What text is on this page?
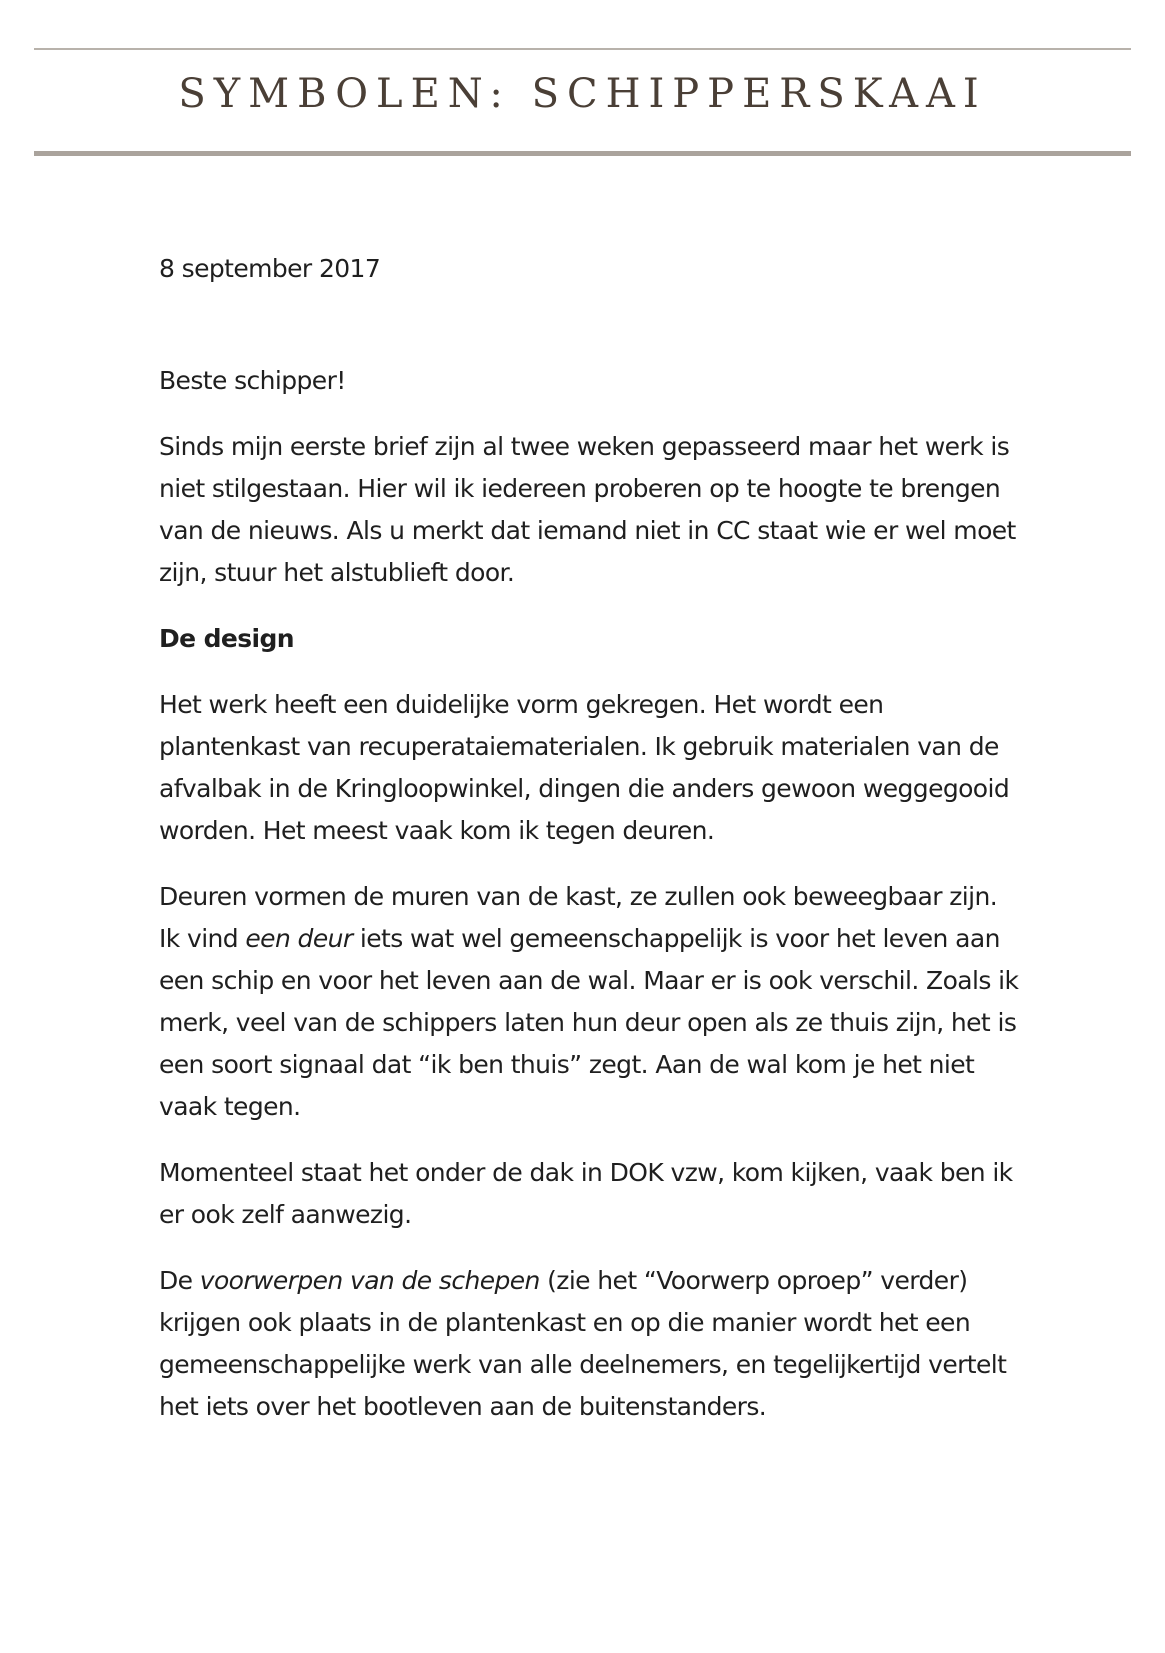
SYMBOLEN: SCHIPPERSKAAI

8 september 2017

Beste schipper!

Sinds mijn eerste brief zijn al twee weken gepasseerd maar het werk is niet stilgestaan. Hier wil ik iedereen proberen op te hoogte te brengen van de nieuws. Als u merkt dat iemand niet in CC staat wie er wel moet zijn, stuur het alstublieft door.

De design

Het werk heeft een duidelijke vorm gekregen. Het wordt een plantenkast van recuperataiematerialen. Ik gebruik materialen van de afvalbak in de Kringloopwinkel, dingen die anders gewoon weggegooid worden. Het meest vaak kom ik tegen deuren.

Deuren vormen de muren van de kast, ze zullen ook beweegbaar zijn. Ik vind een deur iets wat wel gemeenschappelijk is voor het leven aan een schip en voor het leven aan de wal. Maar er is ook verschil. Zoals ik merk, veel van de schippers laten hun deur open als ze thuis zijn, het is een soort signaal dat “ik ben thuis” zegt. Aan de wal kom je het niet vaak tegen.

Momenteel staat het onder de dak in DOK vzw, kom kijken, vaak ben ik er ook zelf aanwezig.

De voorwerpen van de schepen (zie het “Voorwerp oproep” verder) krijgen ook plaats in de plantenkast en op die manier wordt het een gemeenschappelijke werk van alle deelnemers, en tegelijkertijd vertelt het iets over het bootleven aan de buitenstanders.
